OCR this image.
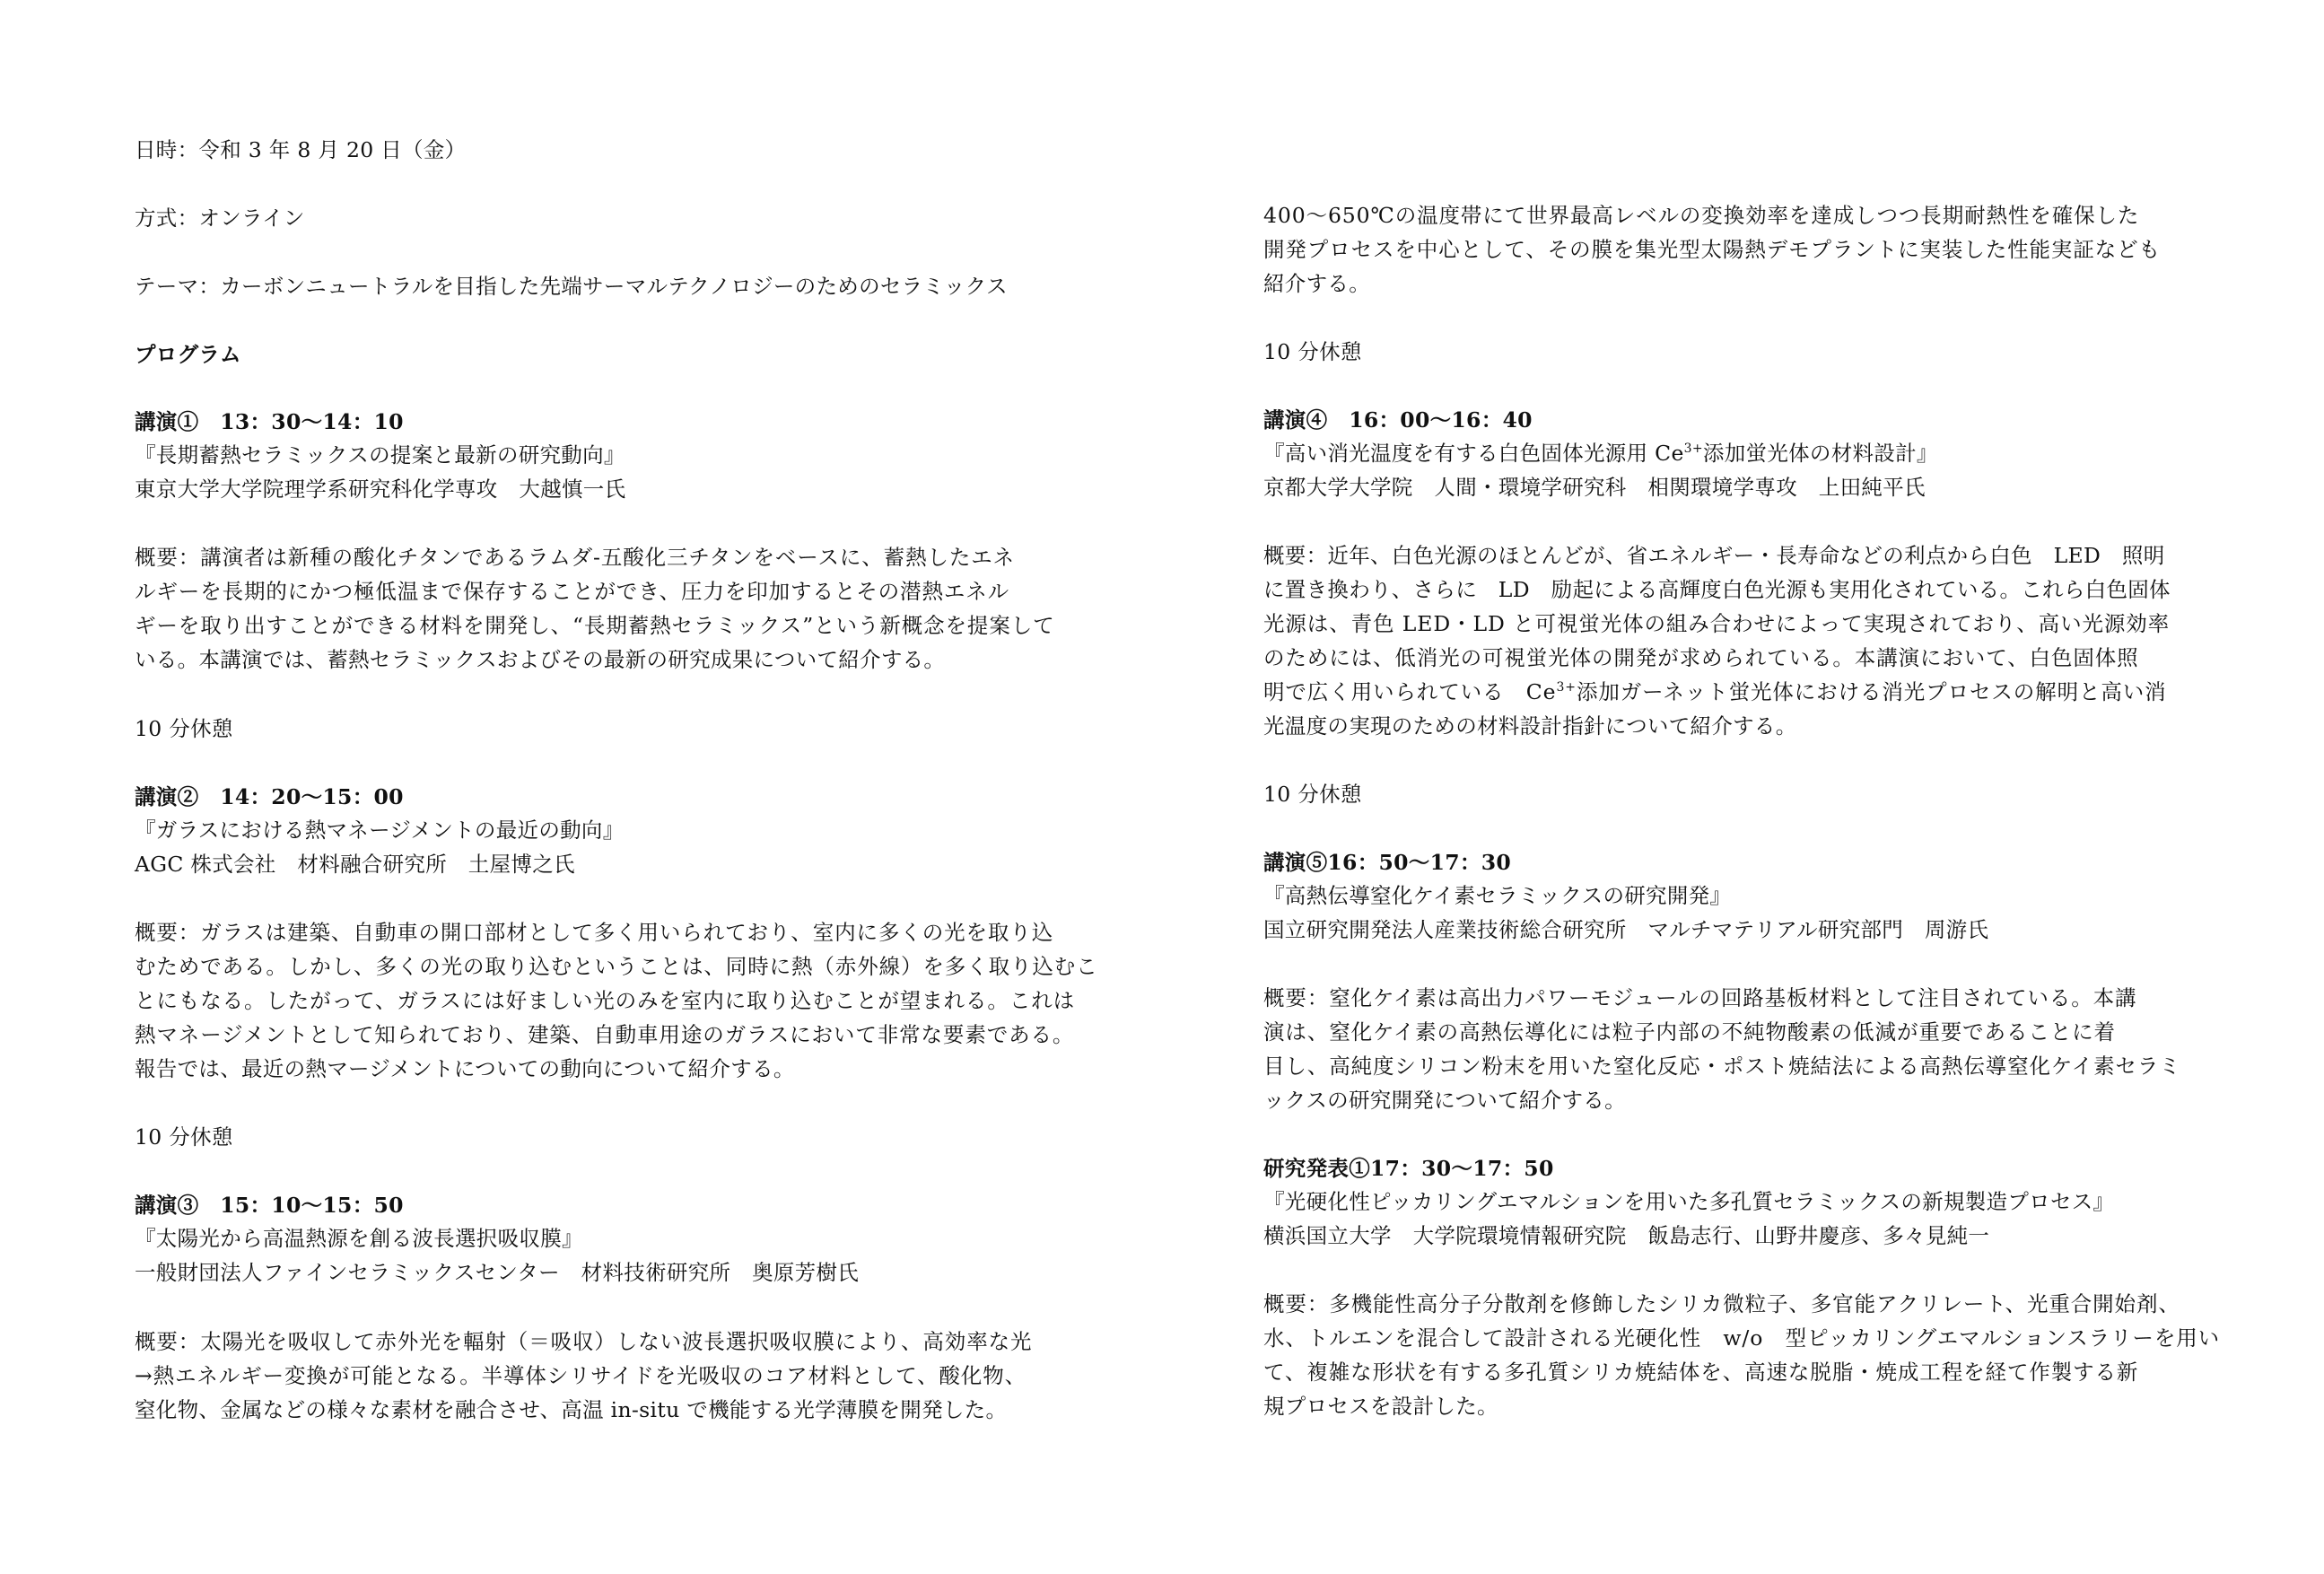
日時：令和 3 年 8 月 20 日（金）
方式：オンライン
テーマ：カーボンニュートラルを目指した先端サーマルテクノロジーのためのセラミックス
プログラム
講演①　13：30〜14：10
『長期蓄熱セラミックスの提案と最新の研究動向』
東京大学大学院理学系研究科化学専攻　大越慎一氏
概要：講演者は新種の酸化チタンであるラムダ-五酸化三チタンをベースに、蓄熱したエネ
ルギーを長期的にかつ極低温まで保存することができ、圧力を印加するとその潜熱エネル
ギーを取り出すことができる材料を開発し、“長期蓄熱セラミックス”という新概念を提案して
いる。本講演では、蓄熱セラミックスおよびその最新の研究成果について紹介する。
10 分休憩
講演②　14：20〜15：00
『ガラスにおける熱マネージメントの最近の動向』
AGC 株式会社　材料融合研究所　土屋博之氏
概要：ガラスは建築、自動車の開口部材として多く用いられており、室内に多くの光を取り込
むためである。しかし、多くの光の取り込むということは、同時に熱（赤外線）を多く取り込むこ
とにもなる。したがって、ガラスには好ましい光のみを室内に取り込むことが望まれる。これは
熱マネージメントとして知られており、建築、自動車用途のガラスにおいて非常な要素である。
報告では、最近の熱マージメントについての動向について紹介する。
10 分休憩
講演③　15：10〜15：50
『太陽光から高温熱源を創る波長選択吸収膜』
一般財団法人ファインセラミックスセンター　材料技術研究所　奥原芳樹氏
概要：太陽光を吸収して赤外光を輻射（＝吸収）しない波長選択吸収膜により、高効率な光
→熱エネルギー変換が可能となる。半導体シリサイドを光吸収のコア材料として、酸化物、
窒化物、金属などの様々な素材を融合させ、高温 in-situ で機能する光学薄膜を開発した。
400〜650℃の温度帯にて世界最高レベルの変換効率を達成しつつ長期耐熱性を確保した
開発プロセスを中心として、その膜を集光型太陽熱デモプラントに実装した性能実証なども
紹介する。
10 分休憩
講演④　16：00〜16：40
『高い消光温度を有する白色固体光源用 $Ce^{3+}$添加蛍光体の材料設計』
京都大学大学院　人間・環境学研究科　相関環境学専攻　上田純平氏
概要：近年、白色光源のほとんどが、省エネルギー・長寿命などの利点から白色　LED　照明
に置き換わり、さらに　LD　励起による高輝度白色光源も実用化されている。これら白色固体
光源は、青色 LED・LD と可視蛍光体の組み合わせによって実現されており、高い光源効率
のためには、低消光の可視蛍光体の開発が求められている。本講演において、白色固体照
明で広く用いられている　$Ce^{3+}$添加ガーネット蛍光体における消光プロセスの解明と高い消
光温度の実現のための材料設計指針について紹介する。
10 分休憩
講演⑤16：50〜17：30
『高熱伝導窒化ケイ素セラミックスの研究開発』
国立研究開発法人産業技術総合研究所　マルチマテリアル研究部門　周游氏
概要：窒化ケイ素は高出力パワーモジュールの回路基板材料として注目されている。本講
演は、窒化ケイ素の高熱伝導化には粒子内部の不純物酸素の低減が重要であることに着
目し、高純度シリコン粉末を用いた窒化反応・ポスト焼結法による高熱伝導窒化ケイ素セラミ
ックスの研究開発について紹介する。
研究発表①17：30〜17：50
『光硬化性ピッカリングエマルションを用いた多孔質セラミックスの新規製造プロセス』
横浜国立大学　大学院環境情報研究院　飯島志行、山野井慶彦、多々見純一
概要：多機能性高分子分散剤を修飾したシリカ微粒子、多官能アクリレート、光重合開始剤、
水、トルエンを混合して設計される光硬化性　w/o　型ピッカリングエマルションスラリーを用い
て、複雑な形状を有する多孔質シリカ焼結体を、高速な脱脂・焼成工程を経て作製する新
規プロセスを設計した。
